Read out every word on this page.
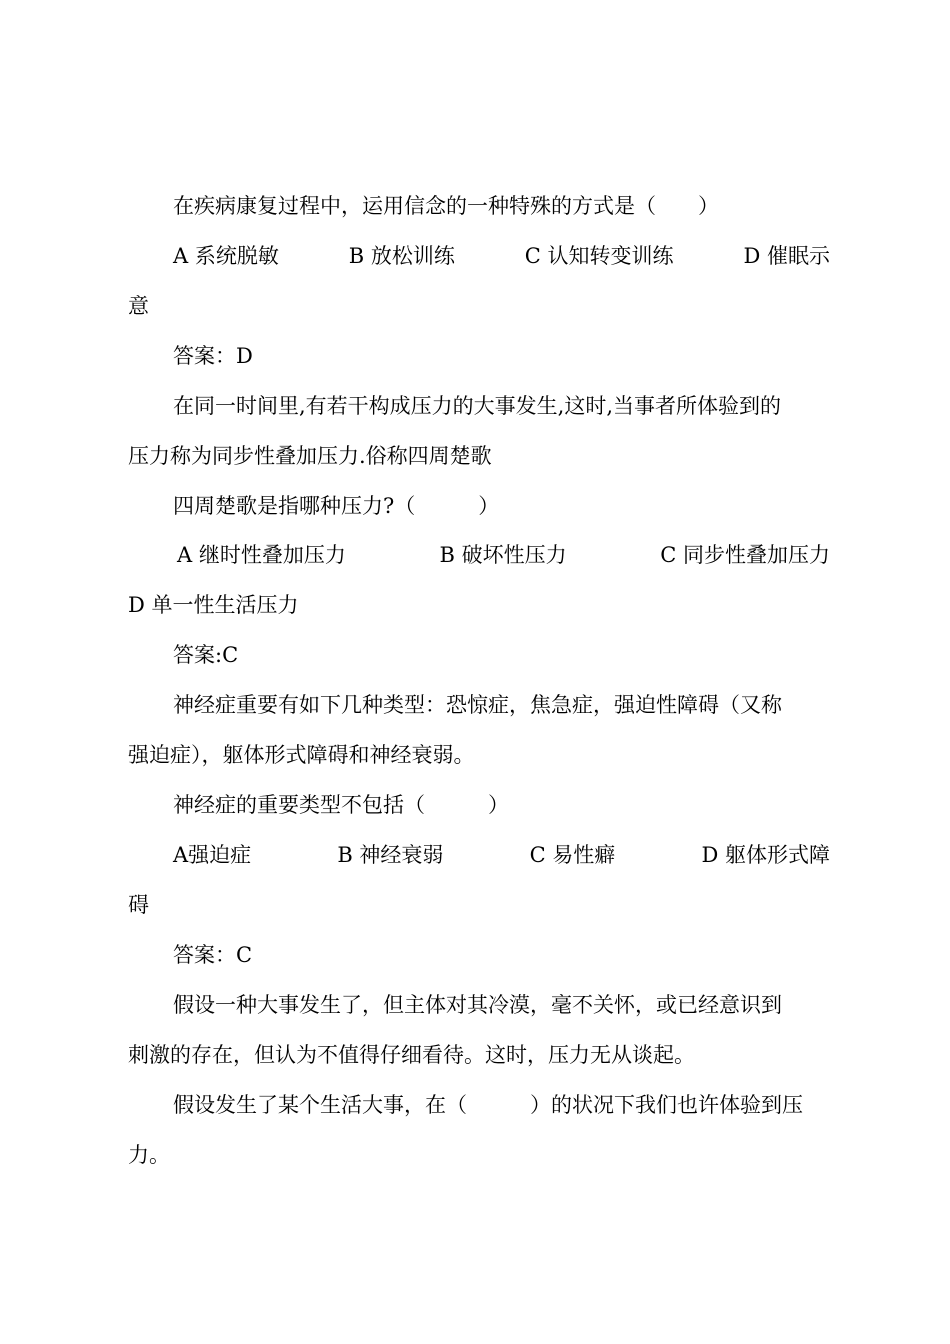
在疾病康复过程中，运用信念的一种特殊的方式是（　　）

A 系统脱敏	B 放松训练	C 认知转变训练	D 催眠示

意

答案：D

在同一时间里,有若干构成压力的大事发生,这时,当事者所体验到的

压力称为同步性叠加压力.俗称四周楚歌

四周楚歌是指哪种压力?（　　　）

A 继时性叠加压力	B 破坏性压力	C 同步性叠加压力

D 单一性生活压力

答案:C

神经症重要有如下几种类型：恐惊症，焦急症，强迫性障碍（又称

强迫症），躯体形式障碍和神经衰弱。

神经症的重要类型不包括（　　　）

A强迫症	B 神经衰弱	C 易性癖	D 躯体形式障

碍

答案：C

假设一种大事发生了，但主体对其冷漠，毫不关怀，或已经意识到

刺激的存在，但认为不值得仔细看待。这时，压力无从谈起。

假设发生了某个生活大事，在（　　　）的状况下我们也许体验到压

力。
